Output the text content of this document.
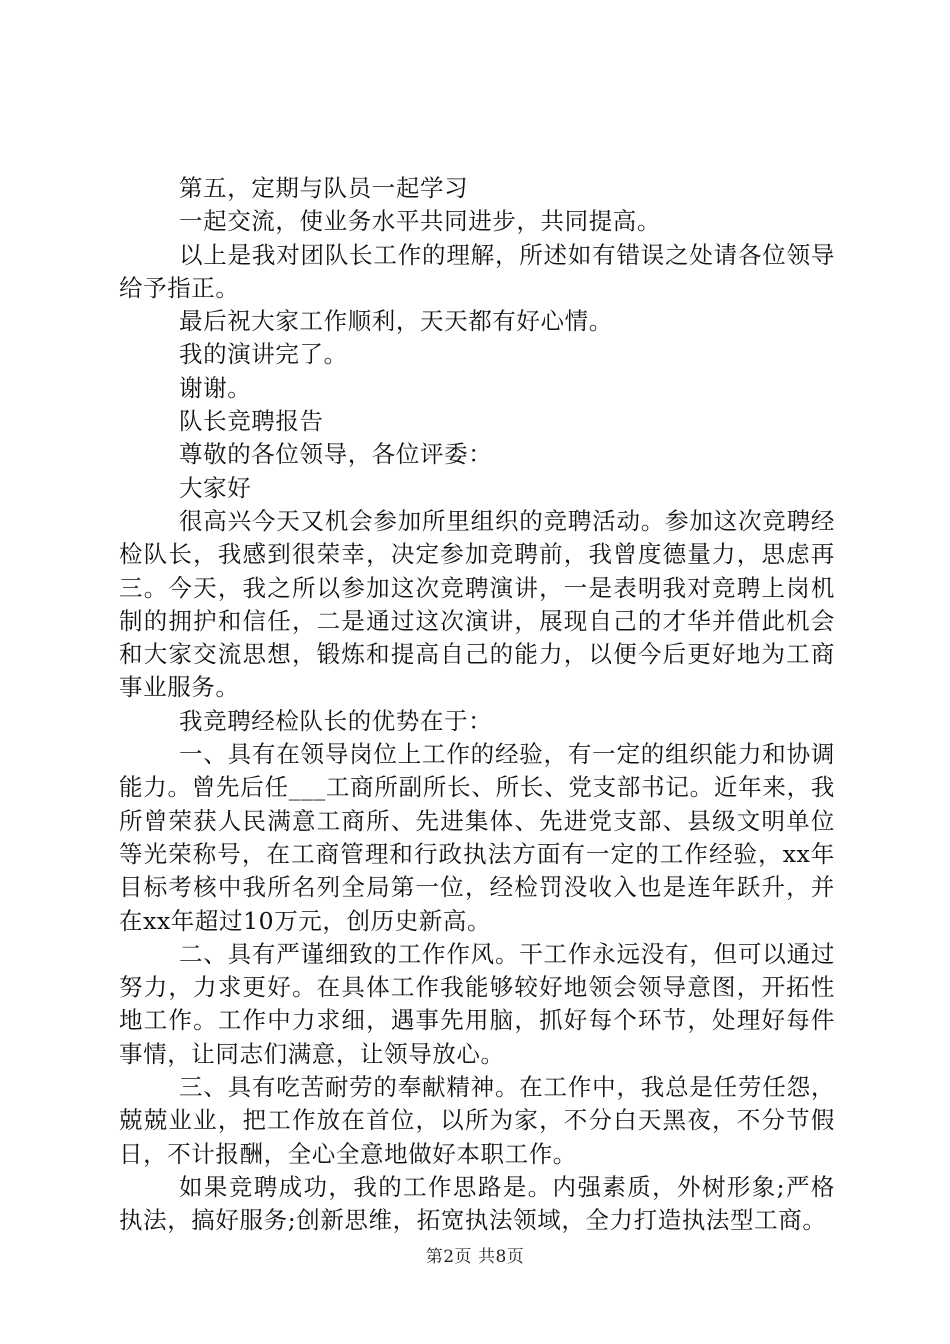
第五，定期与队员一起学习

一起交流，使业务水平共同进步，共同提高。

以上是我对团队长工作的理解，所述如有错误之处请各位领导给予指正。

最后祝大家工作顺利，天天都有好心情。

我的演讲完了。

谢谢。

队长竞聘报告

尊敬的各位领导，各位评委：

大家好

很高兴今天又机会参加所里组织的竞聘活动。参加这次竞聘经检队长，我感到很荣幸，决定参加竞聘前，我曾度德量力，思虑再三。今天，我之所以参加这次竞聘演讲，一是表明我对竞聘上岗机制的拥护和信任，二是通过这次演讲，展现自己的才华并借此机会和大家交流思想，锻炼和提高自己的能力，以便今后更好地为工商事业服务。

我竞聘经检队长的优势在于：

一、具有在领导岗位上工作的经验，有一定的组织能力和协调能力。曾先后任___工商所副所长、所长、党支部书记。近年来，我所曾荣获人民满意工商所、先进集体、先进党支部、县级文明单位等光荣称号，在工商管理和行政执法方面有一定的工作经验，xx年目标考核中我所名列全局第一位，经检罚没收入也是连年跃升，并在xx年超过10万元，创历史新高。

二、具有严谨细致的工作作风。干工作永远没有，但可以通过努力，力求更好。在具体工作我能够较好地领会领导意图，开拓性地工作。工作中力求细，遇事先用脑，抓好每个环节，处理好每件事情，让同志们满意，让领导放心。

三、具有吃苦耐劳的奉献精神。在工作中，我总是任劳任怨，兢兢业业，把工作放在首位，以所为家，不分白天黑夜，不分节假日，不计报酬，全心全意地做好本职工作。

如果竞聘成功，我的工作思路是。内强素质，外树形象;严格执法，搞好服务;创新思维，拓宽执法领域，全力打造执法型工商。

第2页 共8页
